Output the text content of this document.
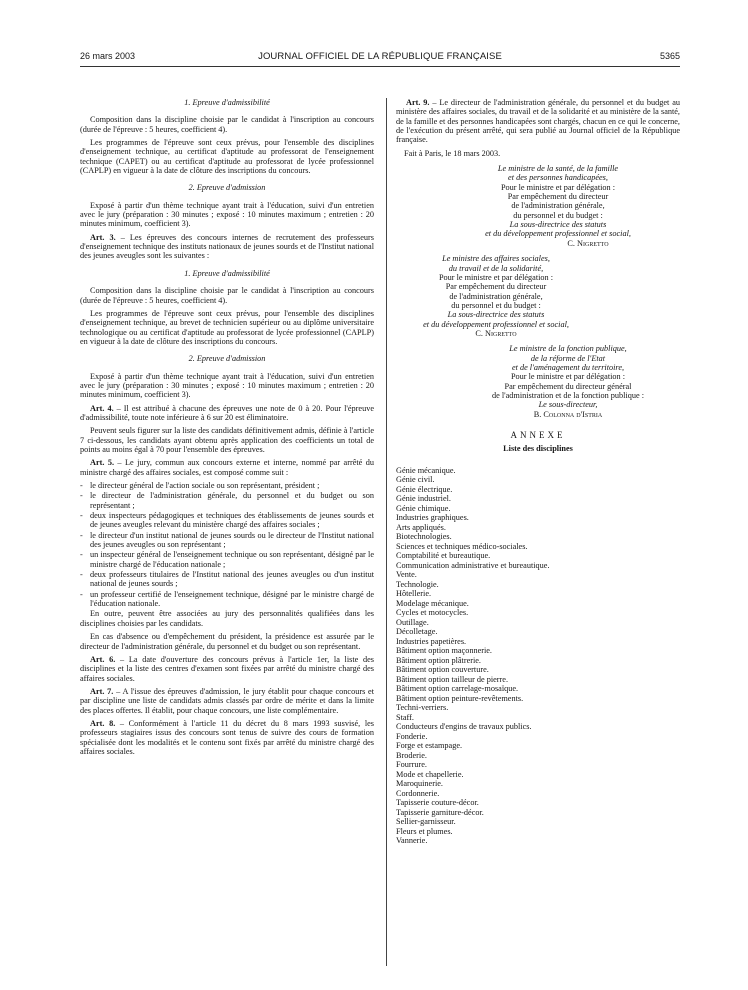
26 mars 2003	JOURNAL OFFICIEL DE LA RÉPUBLIQUE FRANÇAISE	5365

1. Epreuve d'admissibilité

Composition dans la discipline choisie par le candidat à l'inscription au concours (durée de l'épreuve : 5 heures, coefficient 4).

Les programmes de l'épreuve sont ceux prévus, pour l'ensemble des disciplines d'enseignement technique, au certificat d'aptitude au professorat de l'enseignement technique (CAPET) ou au certificat d'aptitude au professorat de lycée professionnel (CAPLP) en vigueur à la date de clôture des inscriptions du concours.

2. Epreuve d'admission

Exposé à partir d'un thème technique ayant trait à l'éducation, suivi d'un entretien avec le jury (préparation : 30 minutes ; exposé : 10 minutes maximum ; entretien : 20 minutes minimum, coefficient 3).

Art. 3. – Les épreuves des concours internes de recrutement des professeurs d'enseignement technique des instituts nationaux de jeunes sourds et de l'Institut national des jeunes aveugles sont les suivantes :

1. Epreuve d'admissibilité

Composition dans la discipline choisie par le candidat à l'inscription au concours (durée de l'épreuve : 5 heures, coefficient 4).

Les programmes de l'épreuve sont ceux prévus, pour l'ensemble des disciplines d'enseignement technique, au brevet de technicien supérieur ou au diplôme universitaire technologique ou au certificat d'aptitude au professorat de lycée professionnel (CAPLP) en vigueur à la date de clôture des inscriptions du concours.

2. Epreuve d'admission

Exposé à partir d'un thème technique ayant trait à l'éducation, suivi d'un entretien avec le jury (préparation : 30 minutes ; exposé : 10 minutes maximum ; entretien : 20 minutes minimum, coefficient 3).

Art. 4. – Il est attribué à chacune des épreuves une note de 0 à 20. Pour l'épreuve d'admissibilité, toute note inférieure à 6 sur 20 est éliminatoire.

Peuvent seuls figurer sur la liste des candidats définitivement admis, définie à l'article 7 ci-dessous, les candidats ayant obtenu après application des coefficients un total de points au moins égal à 70 pour l'ensemble des épreuves.

Art. 5. – Le jury, commun aux concours externe et interne, nommé par arrêté du ministre chargé des affaires sociales, est composé comme suit :

- le directeur général de l'action sociale ou son représentant, président ;

- le directeur de l'administration générale, du personnel et du budget ou son représentant ;

- deux inspecteurs pédagogiques et techniques des établissements de jeunes sourds et de jeunes aveugles relevant du ministère chargé des affaires sociales ;

- le directeur d'un institut national de jeunes sourds ou le directeur de l'Institut national des jeunes aveugles ou son représentant ;

- un inspecteur général de l'enseignement technique ou son représentant, désigné par le ministre chargé de l'éducation nationale ;

- deux professeurs titulaires de l'Institut national des jeunes aveugles ou d'un institut national de jeunes sourds ;

- un professeur certifié de l'enseignement technique, désigné par le ministre chargé de l'éducation nationale.

En outre, peuvent être associées au jury des personnalités qualifiées dans les disciplines choisies par les candidats.

En cas d'absence ou d'empêchement du président, la présidence est assurée par le directeur de l'administration générale, du personnel et du budget ou son représentant.

Art. 6. – La date d'ouverture des concours prévus à l'article 1er, la liste des disciplines et la liste des centres d'examen sont fixées par arrêté du ministre chargé des affaires sociales.

Art. 7. – A l'issue des épreuves d'admission, le jury établit pour chaque concours et par discipline une liste de candidats admis classés par ordre de mérite et dans la limite des places offertes. Il établit, pour chaque concours, une liste complémentaire.

Art. 8. – Conformément à l'article 11 du décret du 8 mars 1993 susvisé, les professeurs stagiaires issus des concours sont tenus de suivre des cours de formation spécialisée dont les modalités et le contenu sont fixés par arrêté du ministre chargé des affaires sociales.

Art. 9. – Le directeur de l'administration générale, du personnel et du budget au ministère des affaires sociales, du travail et de la solidarité et au ministère de la santé, de la famille et des personnes handicapées sont chargés, chacun en ce qui le concerne, de l'exécution du présent arrêté, qui sera publié au Journal officiel de la République française.

Fait à Paris, le 18 mars 2003.

Le ministre de la santé, de la famille
et des personnes handicapées,
Pour le ministre et par délégation :
Par empêchement du directeur
de l'administration générale,
du personnel et du budget :
La sous-directrice des statuts
et du développement professionnel et social,
C. Nigretto
Le ministre des affaires sociales,
du travail et de la solidarité,
Pour le ministre et par délégation :
Par empêchement du directeur
de l'administration générale,
du personnel et du budget :
La sous-directrice des statuts
et du développement professionnel et social,
C. Nigretto
Le ministre de la fonction publique,
de la réforme de l'Etat
et de l'aménagement du territoire,
Pour le ministre et par délégation :
Par empêchement du directeur général
de l'administration et de la fonction publique :
Le sous-directeur,
B. Colonna d'Istria
ANNEXE
Liste des disciplines
Génie mécanique.
Génie civil.
Génie électrique.
Génie industriel.
Génie chimique.
Industries graphiques.
Arts appliqués.
Biotechnologies.
Sciences et techniques médico-sociales.
Comptabilité et bureautique.
Communication administrative et bureautique.
Vente.
Technologie.
Hôtellerie.
Modelage mécanique.
Cycles et motocycles.
Outillage.
Décolletage.
Industries papetières.
Bâtiment option maçonnerie.
Bâtiment option plâtrerie.
Bâtiment option couverture.
Bâtiment option tailleur de pierre.
Bâtiment option carrelage-mosaïque.
Bâtiment option peinture-revêtements.
Techni-verriers.
Staff.
Conducteurs d'engins de travaux publics.
Fonderie.
Forge et estampage.
Broderie.
Fourrure.
Mode et chapellerie.
Maroquinerie.
Cordonnerie.
Tapisserie couture-décor.
Tapisserie garniture-décor.
Sellier-garnisseur.
Fleurs et plumes.
Vannerie.
